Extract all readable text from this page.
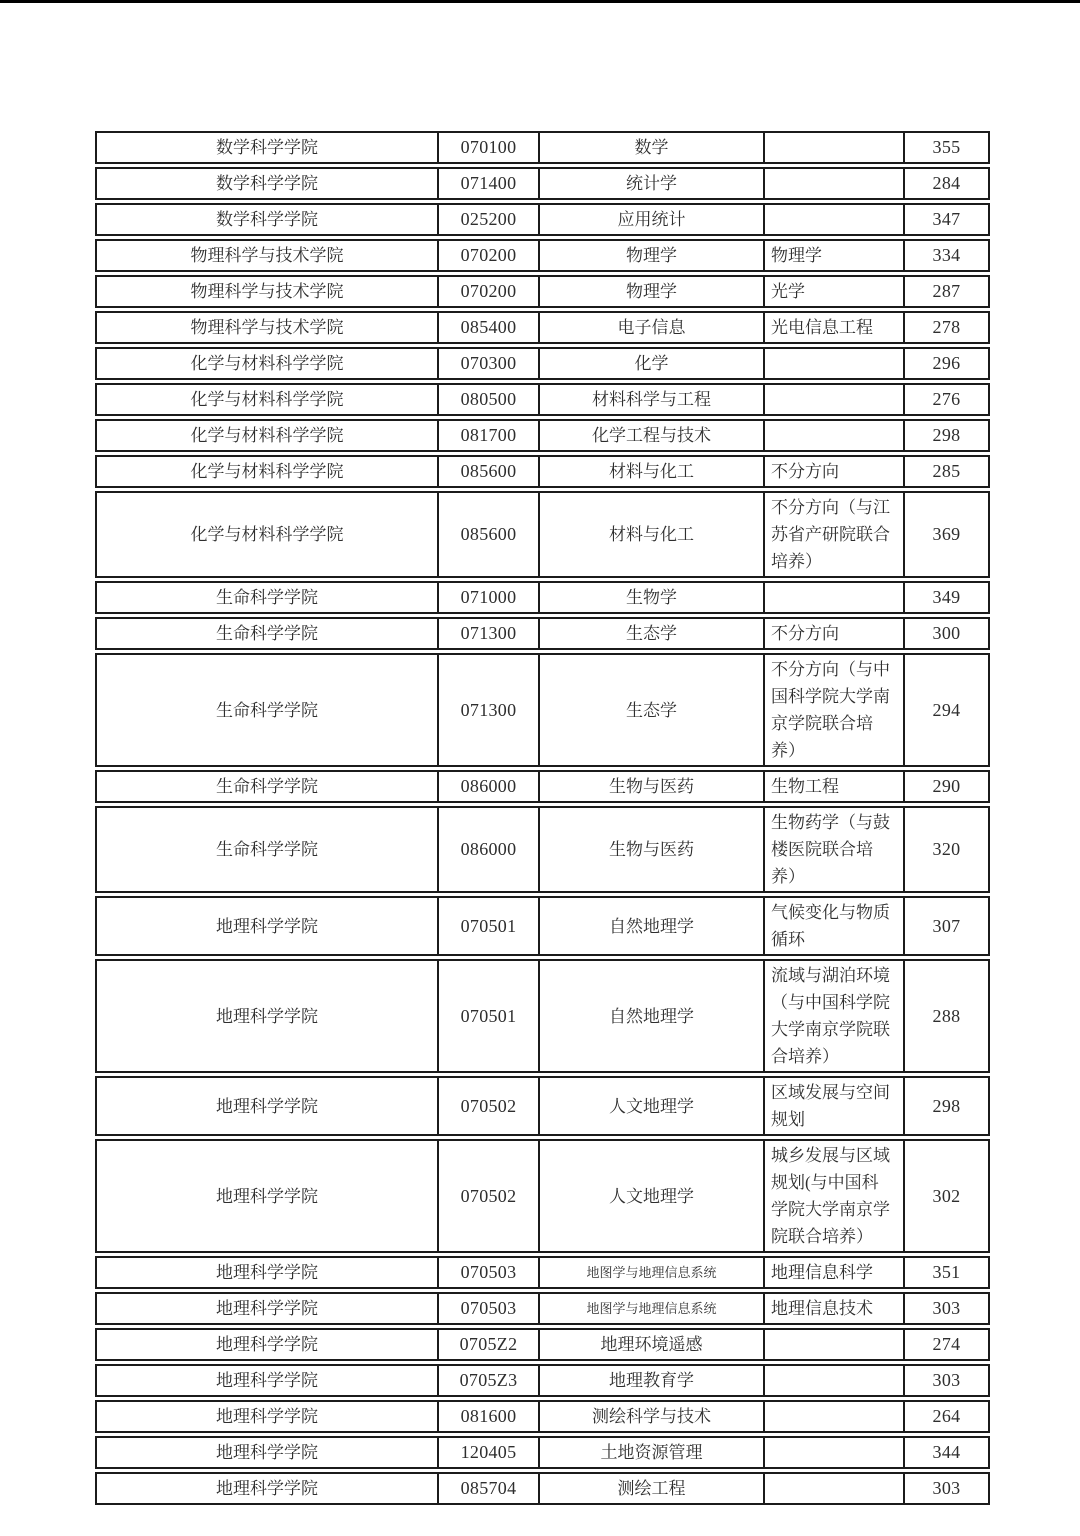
数学科学学院	070100	数学		355
数学科学学院	071400	统计学		284
数学科学学院	025200	应用统计		347
物理科学与技术学院	070200	物理学	物理学	334
物理科学与技术学院	070200	物理学	光学	287
物理科学与技术学院	085400	电子信息	光电信息工程	278
化学与材料科学学院	070300	化学		296
化学与材料科学学院	080500	材料科学与工程		276
化学与材料科学学院	081700	化学工程与技术		298
化学与材料科学学院	085600	材料与化工	不分方向	285
化学与材料科学学院	085600	材料与化工	不分方向（与江苏省产研院联合培养）	369
生命科学学院	071000	生物学		349
生命科学学院	071300	生态学	不分方向	300
生命科学学院	071300	生态学	不分方向（与中国科学院大学南京学院联合培养）	294
生命科学学院	086000	生物与医药	生物工程	290
生命科学学院	086000	生物与医药	生物药学（与鼓楼医院联合培养）	320
地理科学学院	070501	自然地理学	气候变化与物质循环	307
地理科学学院	070501	自然地理学	流域与湖泊环境（与中国科学院大学南京学院联合培养）	288
地理科学学院	070502	人文地理学	区域发展与空间规划	298
地理科学学院	070502	人文地理学	城乡发展与区域规划(与中国科学院大学南京学院联合培养）	302
地理科学学院	070503	地图学与地理信息系统	地理信息科学	351
地理科学学院	070503	地图学与地理信息系统	地理信息技术	303
地理科学学院	0705Z2	地理环境遥感		274
地理科学学院	0705Z3	地理教育学		303
地理科学学院	081600	测绘科学与技术		264
地理科学学院	120405	土地资源管理		344
地理科学学院	085704	测绘工程		303
